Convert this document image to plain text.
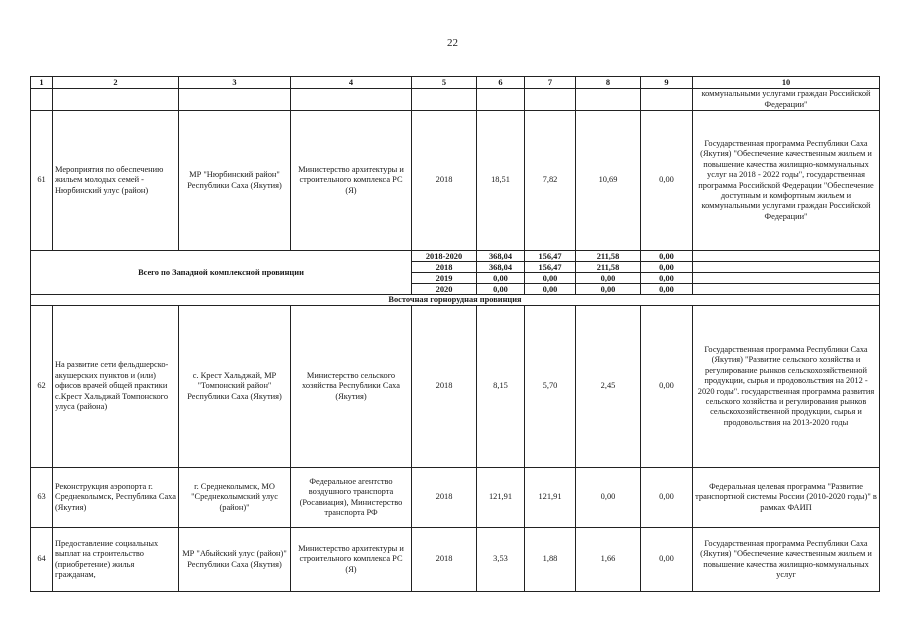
22
1	2	3	4	5	6	7	8	9	10
									коммунальными услугами граждан Российской Федерации"
61	Мероприятия по обеспечению жильем молодых семей - Нюрбинский улус (район)	МР "Нюрбинский район" Республики Саха (Якутия)	Министерство архитектуры и строительного комплекса РС (Я)	2018	18,51	7,82	10,69	0,00	Государственная программа Республики Саха (Якутия) "Обеспечение качественным жильем и повышение качества жилищно-коммунальных услуг на 2018 - 2022 годы", государственная программа Российской Федерации "Обеспечение доступным и комфортным жильем и коммунальными услугами граждан Российской Федерации"
Всего по Западной комплексной провинции				2018-2020	368,04	156,47	211,58	0,00	
				2018	368,04	156,47	211,58	0,00	
				2019	0,00	0,00	0,00	0,00	
				2020	0,00	0,00	0,00	0,00	
Восточная горнорудная провинция									
62	На развитие сети фельдшерско-акушерских пунктов и (или) офисов врачей общей практики с.Крест Хальджай Томпонского улуса (района)	с. Крест Хальджай, МР "Томпонский район" Республики Саха (Якутия)	Министерство сельского хозяйства Республики Саха (Якутия)	2018	8,15	5,70	2,45	0,00	Государственная программа Республики Саха (Якутия) "Развитие сельского хозяйства и регулирование рынков сельскохозяйственной продукции, сырья и продовольствия на 2012 - 2020 годы". государственная программа развития сельского хозяйства и регулирования рынков сельскохозяйственной продукции, сырья и продовольствия на 2013-2020 годы
63	Реконструкция аэропорта г. Среднеколымск, Республика Саха (Якутия)	г. Среднеколымск, МО "Среднеколымский улус (район)"	Федеральное агентство воздушного транспорта (Росавиация), Министерство транспорта РФ	2018	121,91	121,91	0,00	0,00	Федеральная целевая программа "Развитие транспортной системы России (2010-2020 годы)" в рамках ФАИП
64	Предоставление социальных выплат на строительство (приобретение) жилья гражданам,	МР "Абыйский улус (район)" Республики Саха (Якутия)	Министерство архитектуры и строительного комплекса РС (Я)	2018	3,53	1,88	1,66	0,00	Государственная программа Республики Саха (Якутия) "Обеспечение качественным жильем и повышение качества жилищно-коммунальных услуг
